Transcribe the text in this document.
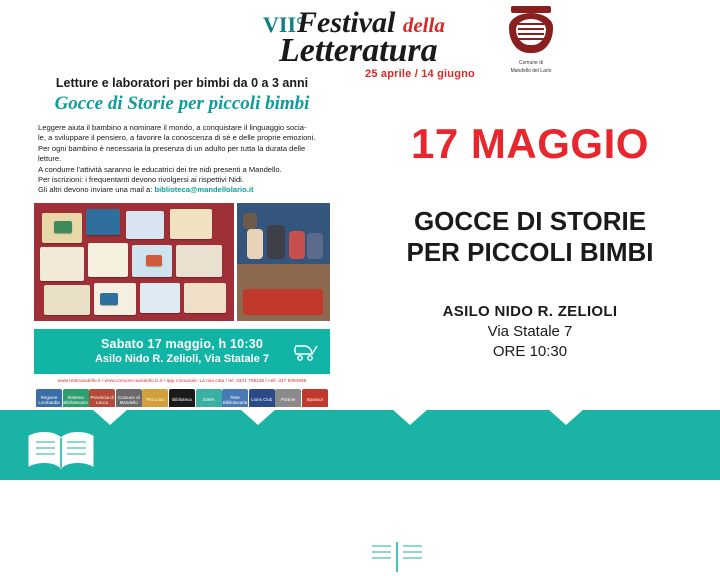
VII°
Festival della
Letteratura
25 aprile / 14 giugno
Comune di
Mandello del Lario
Letture e laboratori per bimbi da 0 a 3 anni
Gocce di Storie per piccoli bimbi

Leggere aiuta il bambino a nominare il mondo, a conquistare il linguaggio socia-

le, a sviluppare il pensiero, a favorire la conoscenza di sé e delle proprie emozioni.

Per ogni bambino è necessaria la presenza di un adulto per tutta la durata delle letture.

A condurre l'attività saranno le educatrici dei tre nidi presenti a Mandello.

Per iscrizioni: i frequentanti devono rivolgersi ai rispettivi Nidi.

Gli altri devono inviare una mail a: biblioteca@mandellolario.it

Sabato 17 maggio, h 10:30
Asilo Nido R. Zelioli, Via Statale 7
www.rettimandello.it / www.comune.mandello.lc.it / app comunale: La mia città / tel. 0341 708238 / cell. 347 9094998
Regione Lombardia
Sistema Bibliotecario
Provincia di Lecco
Comune di Mandello	Pro Loco	Biblioteca	JOMA	Rete Bibliotecaria Lions Club	Partner	Sponsor
17 MAGGIO
GOCCE DI STORIE
PER PICCOLI BIMBI
ASILO NIDO R. ZELIOLI
Via Statale 7
ORE 10:30
